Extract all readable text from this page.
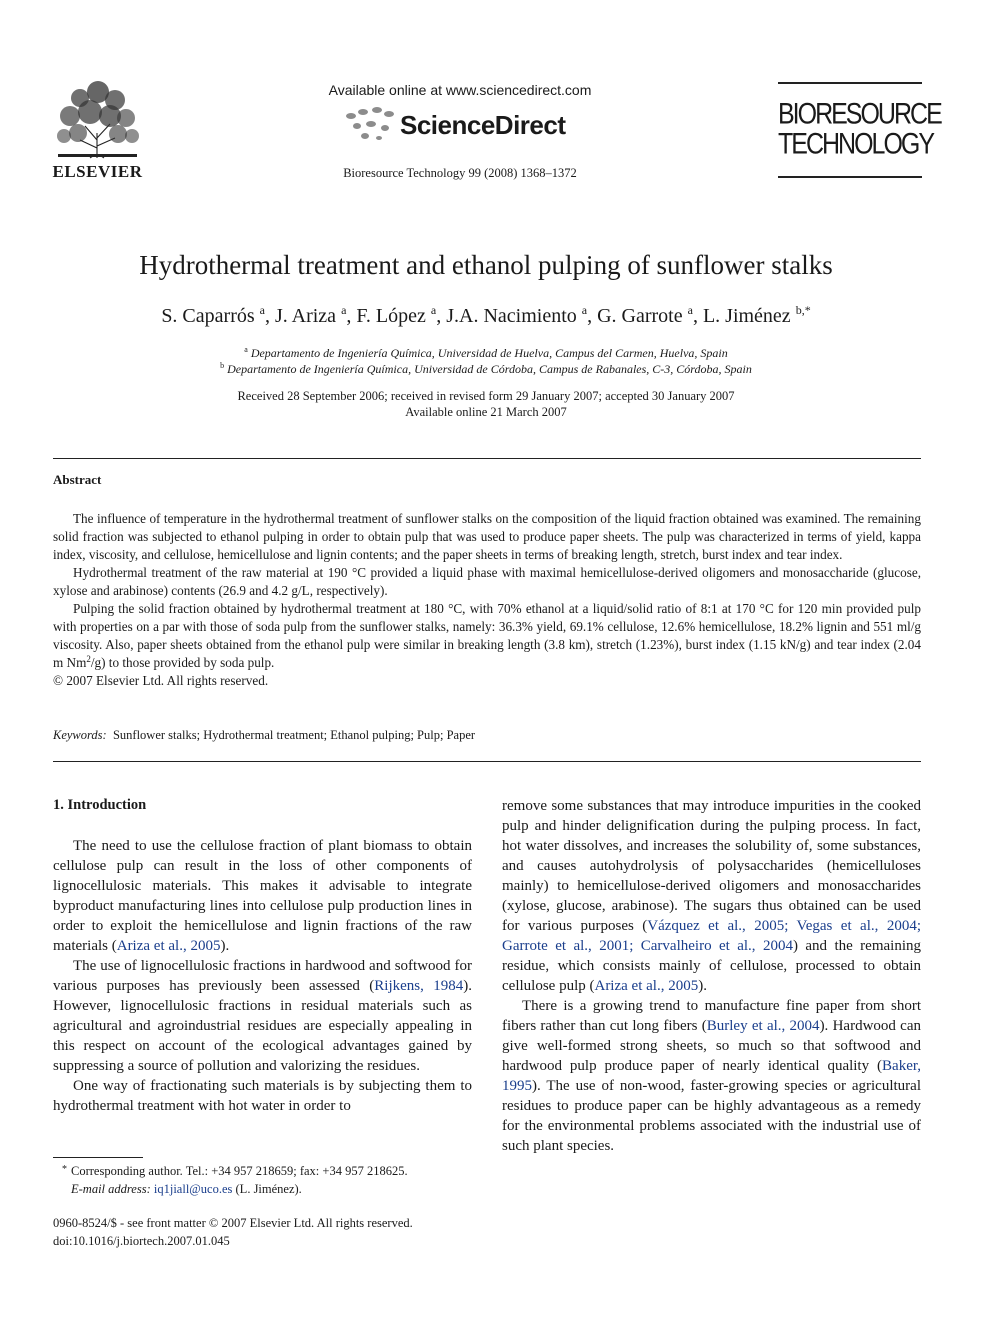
ELSEVIER
Available online at www.sciencedirect.com
ScienceDirect
Bioresource Technology 99 (2008) 1368–1372
BIORESOURCE
TECHNOLOGY
Hydrothermal treatment and ethanol pulping of sunflower stalks
S. Caparrós $^a$, J. Ariza $^a$, F. López $^a$, J.A. Nacimiento $^a$, G. Garrote $^a$, L. Jiménez $^{b,*}$
$^a$ Departamento de Ingeniería Química, Universidad de Huelva, Campus del Carmen, Huelva, Spain
$^b$ Departamento de Ingeniería Química, Universidad de Córdoba, Campus de Rabanales, C-3, Córdoba, Spain
Received 28 September 2006; received in revised form 29 January 2007; accepted 30 January 2007
Available online 21 March 2007
Abstract

The influence of temperature in the hydrothermal treatment of sunflower stalks on the composition of the liquid fraction obtained was examined. The remaining solid fraction was subjected to ethanol pulping in order to obtain pulp that was used to produce paper sheets. The pulp was characterized in terms of yield, kappa index, viscosity, and cellulose, hemicellulose and lignin contents; and the paper sheets in terms of breaking length, stretch, burst index and tear index.

Hydrothermal treatment of the raw material at 190 °C provided a liquid phase with maximal hemicellulose-derived oligomers and monosaccharide (glucose, xylose and arabinose) contents (26.9 and 4.2 g/L, respectively).

Pulping the solid fraction obtained by hydrothermal treatment at 180 °C, with 70% ethanol at a liquid/solid ratio of 8:1 at 170 °C for 120 min provided pulp with properties on a par with those of soda pulp from the sunflower stalks, namely: 36.3% yield, 69.1% cellulose, 12.6% hemicellulose, 18.2% lignin and 551 ml/g viscosity. Also, paper sheets obtained from the ethanol pulp were similar in breaking length (3.8 km), stretch (1.23%), burst index (1.15 kN/g) and tear index (2.04 m Nm$^2$/g) to those provided by soda pulp.

© 2007 Elsevier Ltd. All rights reserved.

Keywords: Sunflower stalks; Hydrothermal treatment; Ethanol pulping; Pulp; Paper
1. Introduction

The need to use the cellulose fraction of plant biomass to obtain cellulose pulp can result in the loss of other components of lignocellulosic materials. This makes it advisable to integrate byproduct manufacturing lines into cellulose pulp production lines in order to exploit the hemicellulose and lignin fractions of the raw materials (Ariza et al., 2005).

The use of lignocellulosic fractions in hardwood and softwood for various purposes has previously been assessed (Rijkens, 1984). However, lignocellulosic fractions in residual materials such as agricultural and agroindustrial residues are especially appealing in this respect on account of the ecological advantages gained by suppressing a source of pollution and valorizing the residues.

One way of fractionating such materials is by subjecting them to hydrothermal treatment with hot water in order to

remove some substances that may introduce impurities in the cooked pulp and hinder delignification during the pulping process. In fact, hot water dissolves, and increases the solubility of, some substances, and causes autohydrolysis of polysaccharides (hemicelluloses mainly) to hemicellulose-derived oligomers and monosaccharides (xylose, glucose, arabinose). The sugars thus obtained can be used for various purposes (Vázquez et al., 2005; Vegas et al., 2004; Garrote et al., 2001; Carvalheiro et al., 2004) and the remaining residue, which consists mainly of cellulose, processed to obtain cellulose pulp (Ariza et al., 2005).

There is a growing trend to manufacture fine paper from short fibers rather than cut long fibers (Burley et al., 2004). Hardwood can give well-formed strong sheets, so much so that softwood and hardwood pulp produce paper of nearly identical quality (Baker, 1995). The use of non-wood, faster-growing species or agricultural residues to produce paper can be highly advantageous as a remedy for the environmental problems associated with the industrial use of such plant species.

* Corresponding author. Tel.: +34 957 218659; fax: +34 957 218625.
E-mail address: iq1jiall@uco.es (L. Jiménez).
0960-8524/$ - see front matter © 2007 Elsevier Ltd. All rights reserved.
doi:10.1016/j.biortech.2007.01.045
